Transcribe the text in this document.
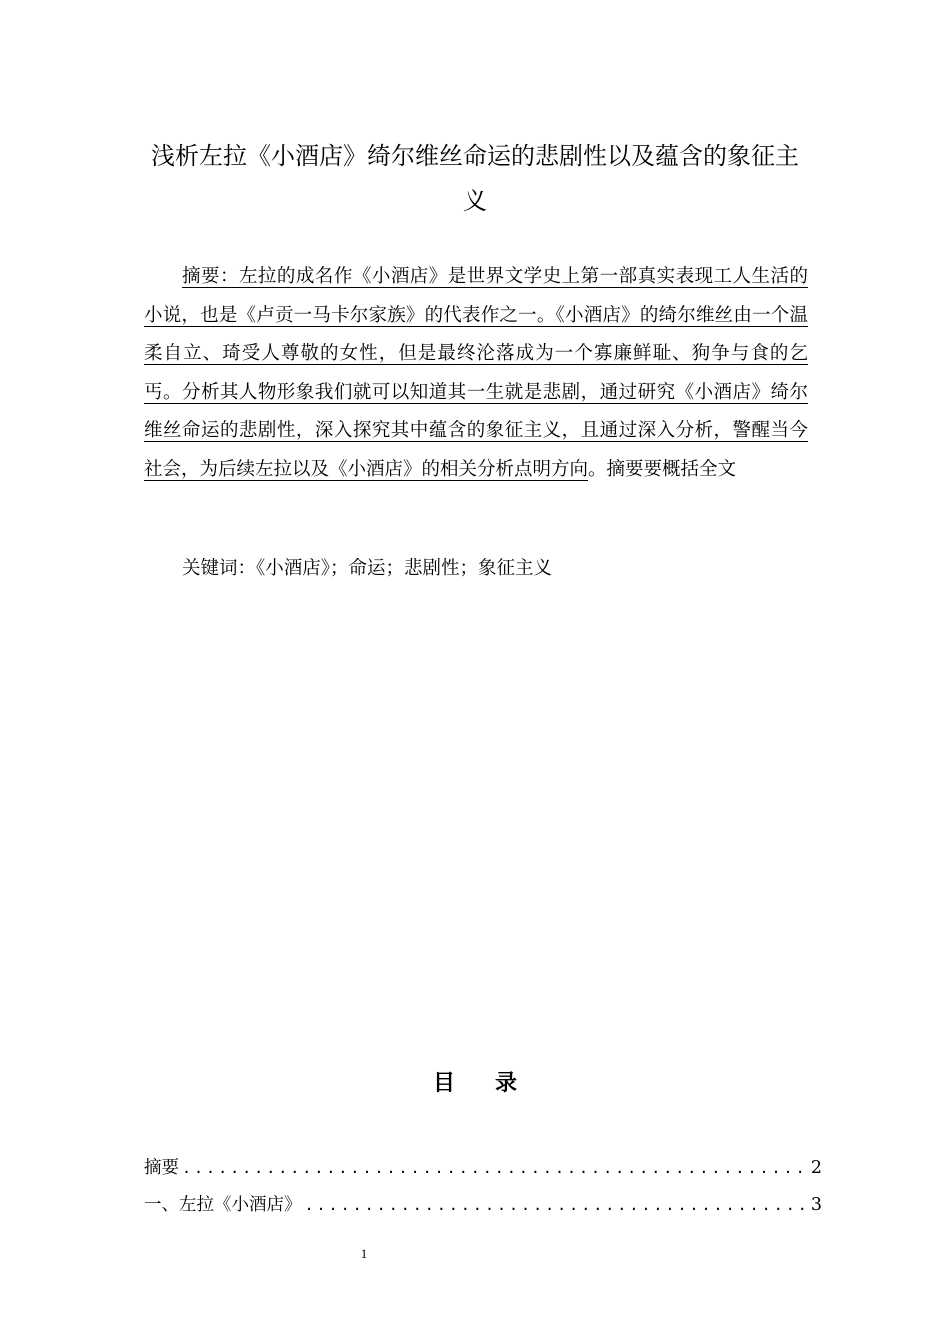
浅析左拉《小酒店》绮尔维丝命运的悲剧性以及蕴含的象征主义

摘要：左拉的成名作《小酒店》是世界文学史上第一部真实表现工人生活的小说，也是《卢贡一马卡尔家族》的代表作之一。《小酒店》的绮尔维丝由一个温柔自立、琦受人尊敬的女性，但是最终沦落成为一个寡廉鲜耻、狗争与食的乞丐。分析其人物形象我们就可以知道其一生就是悲剧，通过研究《小酒店》绮尔维丝命运的悲剧性，深入探究其中蕴含的象征主义，且通过深入分析，警醒当今社会，为后续左拉以及《小酒店》的相关分析点明方向。摘要要概括全文

关键词：《小酒店》；命运；悲剧性；象征主义
目录
摘要 .....	2
一、左拉《小酒店》 .....	3
1
